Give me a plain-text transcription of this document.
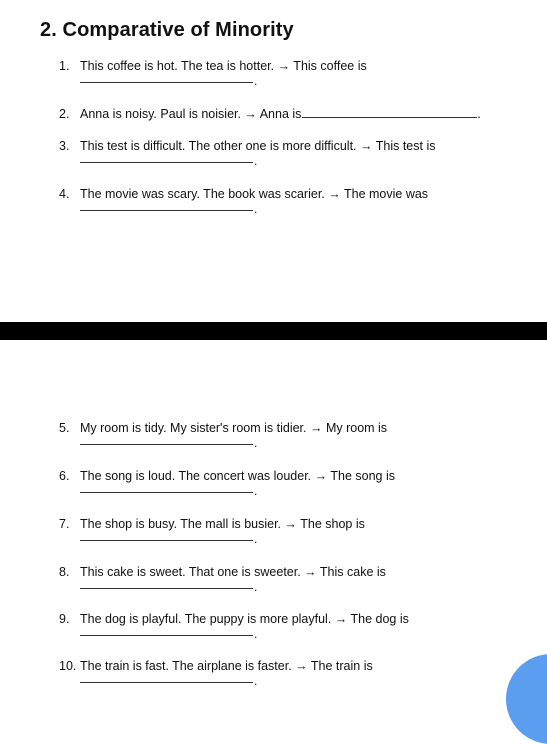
2. Comparative of Minority
1. This coffee is hot. The tea is hotter. → This coffee is
.
2. Anna is noisy. Paul is noisier. → Anna is	.
3. This test is difficult. The other one is more difficult. → This test is
.
4. The movie was scary. The book was scarier. → The movie was
.
5. My room is tidy. My sister's room is tidier. → My room is
.
6. The song is loud. The concert was louder. → The song is
.
7. The shop is busy. The mall is busier. → The shop is
.
8. This cake is sweet. That one is sweeter. → This cake is
.
9. The dog is playful. The puppy is more playful. → The dog is
.
10. The train is fast. The airplane is faster. → The train is
.
